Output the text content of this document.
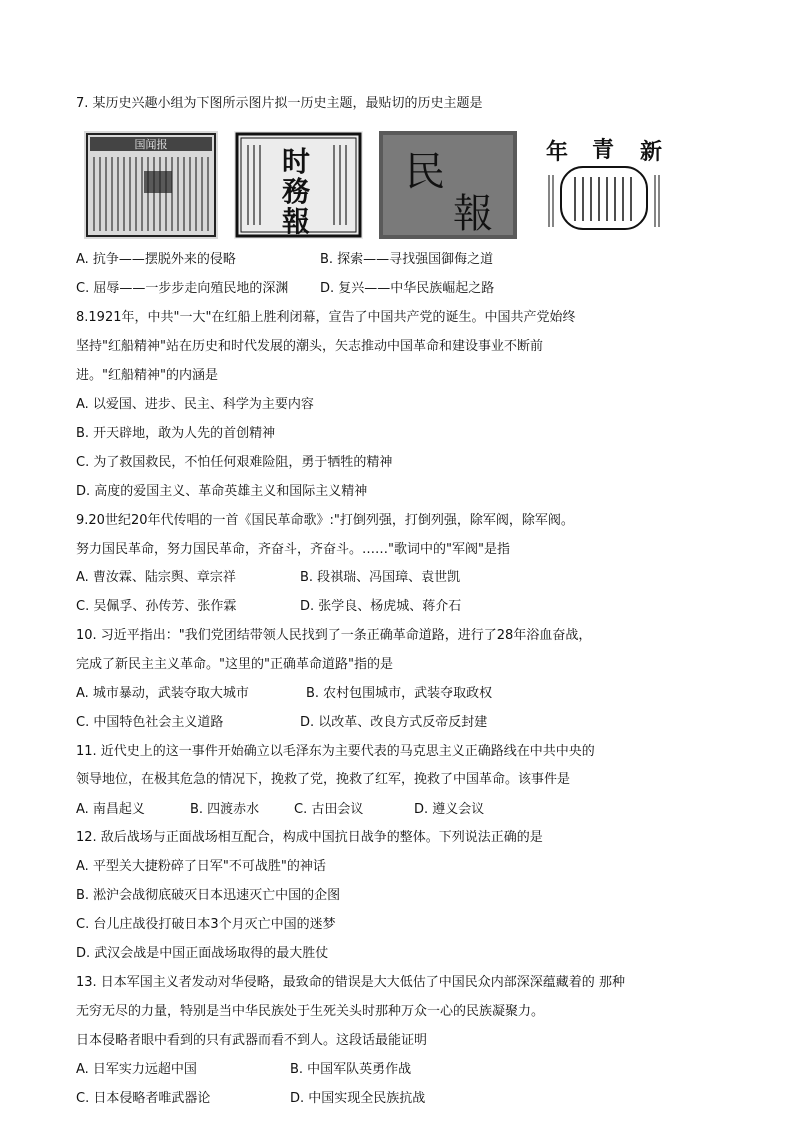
7. 某历史兴趣小组为下图所示图片拟一历史主题，最贴切的历史主题是
国闻报
时
務
報
民
報
年 青 新
A. 抗争——摆脱外来的侵略	B. 探索——寻找强国御侮之道
C. 屈辱——一步步走向殖民地的深渊 D. 复兴——中华民族崛起之路
8.1921年，中共"一大"在红船上胜利闭幕，宣告了中国共产党的诞生。中国共产党始终
坚持"红船精神"站在历史和时代发展的潮头，矢志推动中国革命和建设事业不断前
进。"红船精神"的内涵是
A. 以爱国、进步、民主、科学为主要内容
B. 开天辟地，敢为人先的首创精神
C. 为了救国救民，不怕任何艰难险阻，勇于牺牲的精神
D. 高度的爱国主义、革命英雄主义和国际主义精神
9.20世纪20年代传唱的一首《国民革命歌》:"打倒列强，打倒列强，除军阀，除军阀。
努力国民革命，努力国民革命，齐奋斗，齐奋斗。……"歌词中的"军阀"是指
A. 曹汝霖、陆宗舆、章宗祥	B. 段祺瑞、冯国璋、袁世凯
C. 吴佩孚、孙传芳、张作霖	D. 张学良、杨虎城、蒋介石
10. 习近平指出："我们党团结带领人民找到了一条正确革命道路，进行了28年浴血奋战，
完成了新民主主义革命。"这里的"正确革命道路"指的是
A. 城市暴动，武装夺取大城市	B. 农村包围城市，武装夺取政权
C. 中国特色社会主义道路	D. 以改革、改良方式反帝反封建
11. 近代史上的这一事件开始确立以毛泽东为主要代表的马克思主义正确路线在中共中央的
领导地位，在极其危急的情况下，挽救了党，挽救了红军，挽救了中国革命。该事件是
A. 南昌起义	B. 四渡赤水	C. 古田会议	D. 遵义会议
12. 敌后战场与正面战场相互配合，构成中国抗日战争的整体。下列说法正确的是
A. 平型关大捷粉碎了日军"不可战胜"的神话
B. 淞沪会战彻底破灭日本迅速灭亡中国的企图
C. 台儿庄战役打破日本3个月灭亡中国的迷梦
D. 武汉会战是中国正面战场取得的最大胜仗
13. 日本军国主义者发动对华侵略，最致命的错误是大大低估了中国民众内部深深蕴藏着的 那种
无穷无尽的力量，特别是当中华民族处于生死关头时那种万众一心的民族凝聚力。
日本侵略者眼中看到的只有武器而看不到人。这段话最能证明
A. 日军实力远超中国	B. 中国军队英勇作战
C. 日本侵略者唯武器论	D. 中国实现全民族抗战
